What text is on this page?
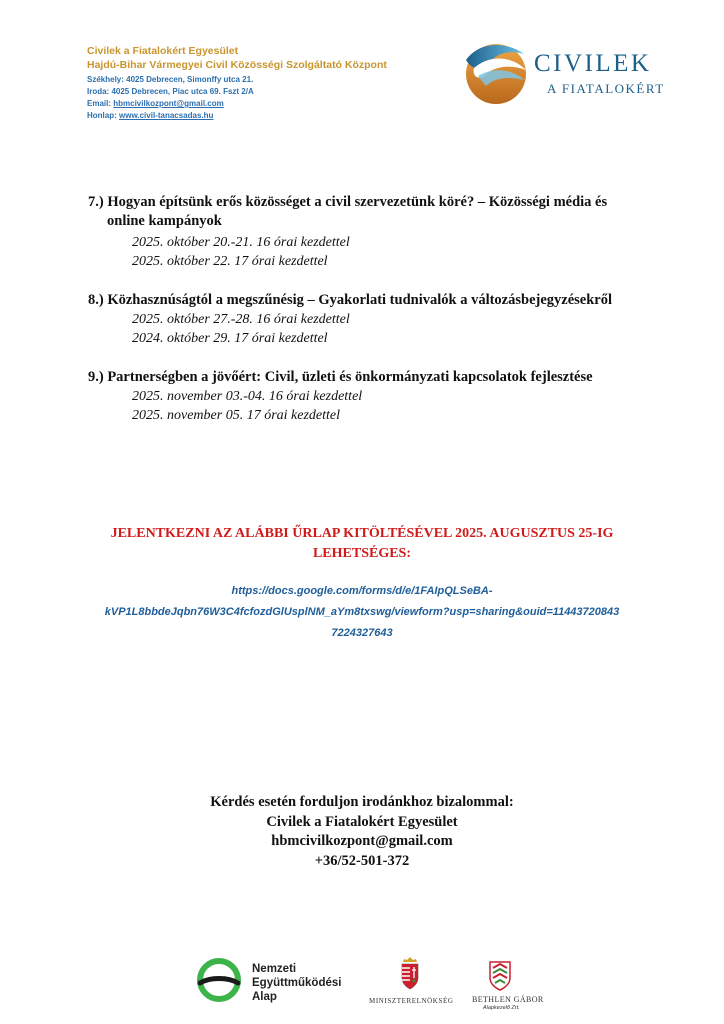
Civilek a Fiatalokért Egyesület
Hajdú-Bihar Vármegyei Civil Közösségi Szolgáltató Központ
Székhely: 4025 Debrecen, Simonffy utca 21.
Iroda: 4025 Debrecen, Piac utca 69. Fszt 2/A
Email: hbmcivilkozpont@gmail.com
Honlap: www.civil-tanacsadas.hu
CIVILEK
A FIATALOKÉRT
7.) Hogyan építsünk erős közösséget a civil szervezetünk köré? – Közösségi média és
online kampányok
2025. október 20.-21. 16 órai kezdettel
2025. október 22. 17 órai kezdettel
8.) Közhasznúságtól a megszűnésig – Gyakorlati tudnivalók a változásbejegyzésekről
2025. október 27.-28. 16 órai kezdettel
2024. október 29. 17 órai kezdettel
9.) Partnerségben a jövőért: Civil, üzleti és önkormányzati kapcsolatok fejlesztése
2025. november 03.-04. 16 órai kezdettel
2025. november 05. 17 órai kezdettel
JELENTKEZNI AZ ALÁBBI ŰRLAP KITÖLTÉSÉVEL 2025. AUGUSZTUS 25-IG
LEHETSÉGES:
https://docs.google.com/forms/d/e/1FAIpQLSeBA-
kVP1L8bbdeJqbn76W3C4fcfozdGlUsplNM_aYm8txswg/viewform?usp=sharing&ouid=11443720843
7224327643
Kérdés esetén forduljon irodánkhoz bizalommal:
Civilek a Fiatalokért Egyesület
hbmcivilkozpont@gmail.com
+36/52-501-372
Nemzeti
Együttműködési
Alap	MINISZTERELNÖKSÉG BETHLEN GÁBOR
Alapkezelő Zrt.
